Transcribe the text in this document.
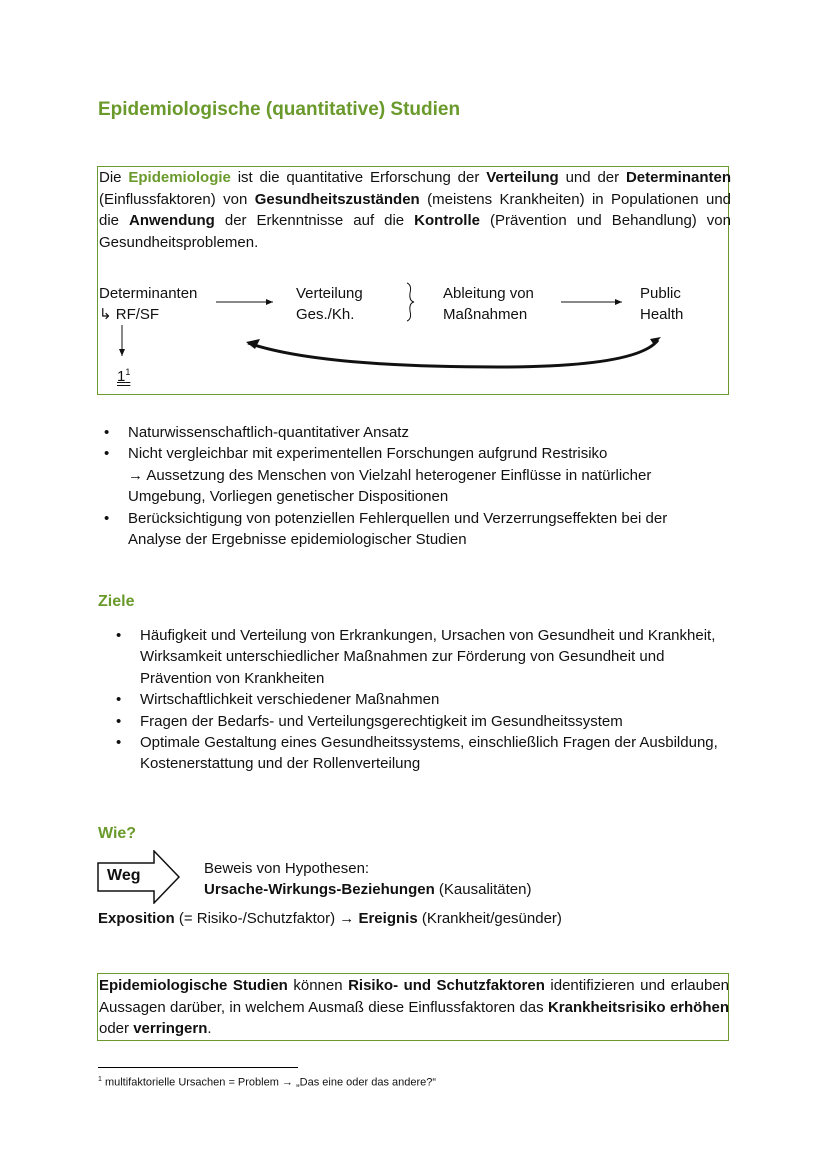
Epidemiologische (quantitative) Studien
Die Epidemiologie ist die quantitative Erforschung der Verteilung und der Determinanten (Einflussfaktoren) von Gesundheitszuständen (meistens Krankheiten) in Populationen und die Anwendung der Erkenntnisse auf die Kontrolle (Prävention und Behandlung) von Gesundheitsproblemen.
Determinanten
↳ RF/SF
Verteilung
Ges./Kh.
Ableitung von
Maßnahmen
Public
Health
$1^1$
• Naturwissenschaftlich-quantitativer Ansatz
• Nicht vergleichbar mit experimentellen Forschungen aufgrund Restrisiko
→ Aussetzung des Menschen von Vielzahl heterogener Einflüsse in natürlicher
Umgebung, Vorliegen genetischer Dispositionen
• Berücksichtigung von potenziellen Fehlerquellen und Verzerrungseffekten bei der
Analyse der Ergebnisse epidemiologischer Studien
Ziele
• Häufigkeit und Verteilung von Erkrankungen, Ursachen von Gesundheit und Krankheit,
Wirksamkeit unterschiedlicher Maßnahmen zur Förderung von Gesundheit und
Prävention von Krankheiten
• Wirtschaftlichkeit verschiedener Maßnahmen
• Fragen der Bedarfs- und Verteilungsgerechtigkeit im Gesundheitssystem
• Optimale Gestaltung eines Gesundheitssystems, einschließlich Fragen der Ausbildung,
Kostenerstattung und der Rollenverteilung
Wie?
Weg	Beweis von Hypothesen:
Ursache-Wirkungs-Beziehungen (Kausalitäten)
Exposition (= Risiko-/Schutzfaktor) → Ereignis (Krankheit/gesünder)
Epidemiologische Studien können Risiko- und Schutzfaktoren identifizieren und erlauben Aussagen darüber, in welchem Ausmaß diese Einflussfaktoren das Krankheitsrisiko erhöhen oder verringern.
$^1$ multifaktorielle Ursachen = Problem → „Das eine oder das andere?“
